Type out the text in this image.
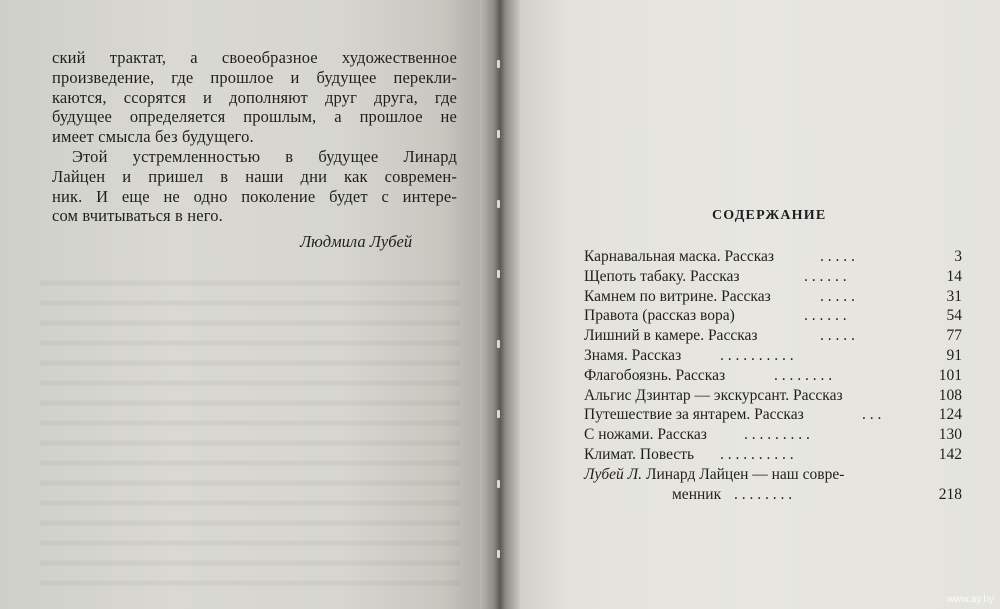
ский трактат, а своеобразное художественное
произведение, где прошлое и будущее перекли-
каются, ссорятся и дополняют друг друга, где
будущее определяется прошлым, а прошлое не
имеет смысла без будущего.
Этой устремленностью в будущее Линард
Лайцен и пришел в наши дни как современ-
ник. И еще не одно поколение будет с интере-
сом вчитываться в него.
Людмила Лубей
СОДЕРЖАНИЕ
Карнавальная маска. Рассказ	. . . . .	3
Щепоть табаку. Рассказ	. . . . . .	14
Камнем по витрине. Рассказ	. . . . .	31
Правота (рассказ вора)	. . . . . .	54
Лишний в камере. Рассказ	. . . . .	77
Знамя. Рассказ	. . . . . . . . . .	91
Флагобоязнь. Рассказ	. . . . . . . .	101
Альгис Дзинтар — экскурсант. Рассказ	108
Путешествие за янтарем. Рассказ	. . .	124
С ножами. Рассказ . . . . . . . . .	130
Климат. Повесть . . . . . . . . . .	142
Лубей Л. Линард Лайцен — наш совре-
менник . . . . . . . .	218
www.ay.by
